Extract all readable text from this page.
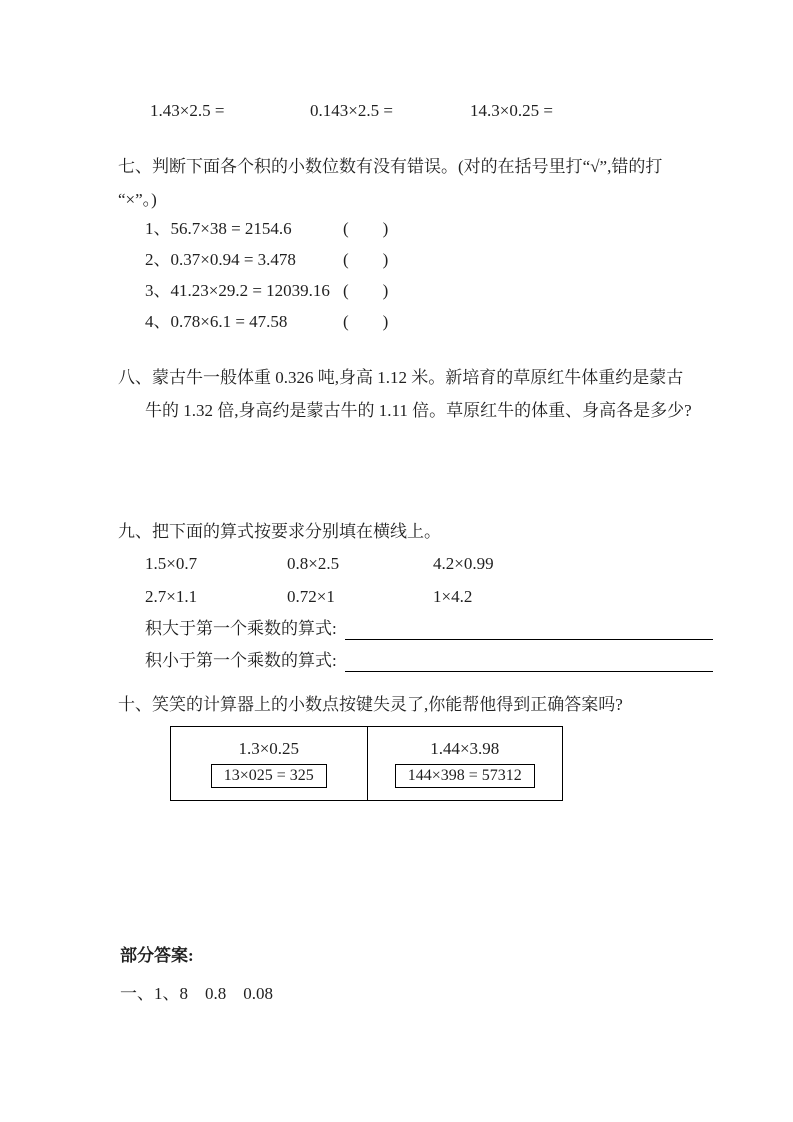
1.43×2.5 =	0.143×2.5 =	14.3×0.25 =
七、判断下面各个积的小数位数有没有错误。(对的在括号里打“√”,错的打
“×”。)
1、56.7×38 = 2154.6	(        )
2、0.37×0.94 = 3.478	(        )
3、41.23×29.2 = 12039.16 (        )
4、0.78×6.1 = 47.58	(        )
八、蒙古牛一般体重 0.326 吨,身高 1.12 米。新培育的草原红牛体重约是蒙古
牛的 1.32 倍,身高约是蒙古牛的 1.11 倍。草原红牛的体重、身高各是多少?
九、把下面的算式按要求分别填在横线上。
1.5×0.7	0.8×2.5	4.2×0.99
2.7×1.1	0.72×1	1×4.2
积大于第一个乘数的算式:
积小于第一个乘数的算式:
十、笑笑的计算器上的小数点按键失灵了,你能帮他得到正确答案吗?
1.3×0.25
13×025 = 325
1.44×3.98
144×398 = 57312
部分答案:
一、1、8    0.8    0.08
